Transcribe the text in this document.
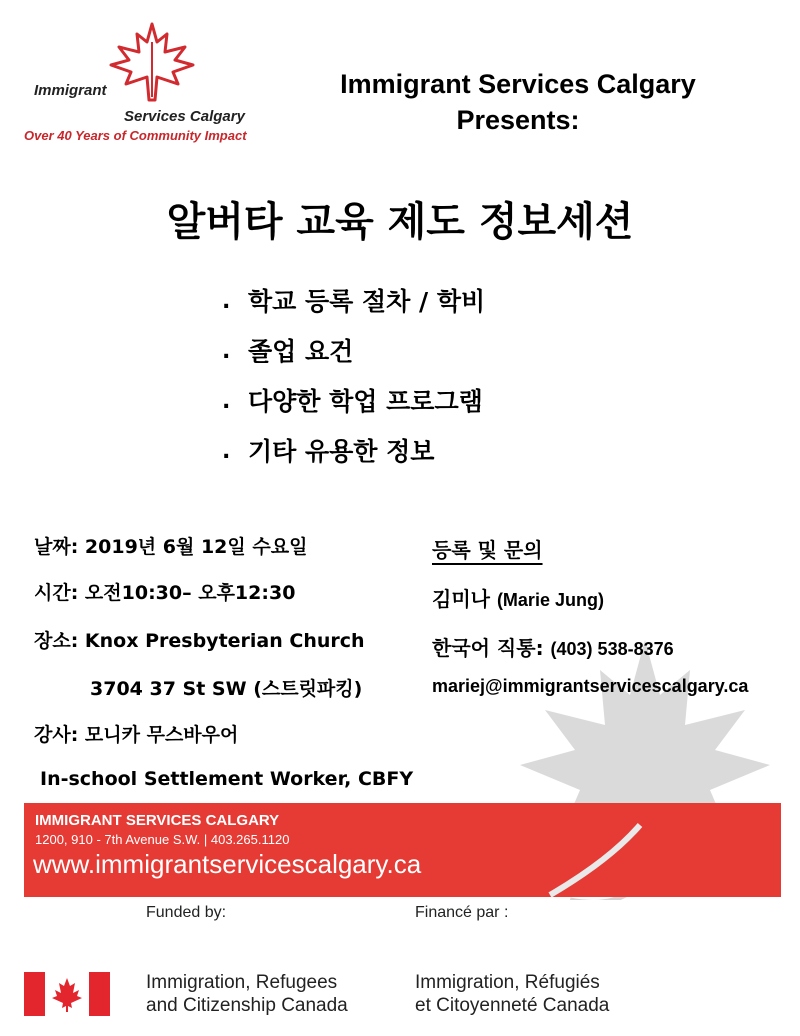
Immigrant
Services Calgary
Over 40 Years of Community Impact
Immigrant Services Calgary
Presents:
알버타 교육 제도 정보세션
. 학교 등록 절차 / 학비
. 졸업 요건
. 다양한 학업 프로그램
. 기타 유용한 정보
날짜: 2019년 6월 12일 수요일
시간: 오전10:30– 오후12:30
장소: Knox Presbyterian Church
3704 37 St SW (스트릿파킹)
강사: 모니카 무스바우어
In-school Settlement Worker, CBFY
등록 및 문의
김미나 (Marie Jung)
한국어 직통: (403) 538-8376
mariej@immigrantservicescalgary.ca
IMMIGRANT SERVICES CALGARY
1200, 910 - 7th Avenue S.W. | 403.265.1120
www.immigrantservicescalgary.ca
Funded by:	Financé par :
Immigration, Refugees
and Citizenship Canada
Immigration, Réfugiés
et Citoyenneté Canada
